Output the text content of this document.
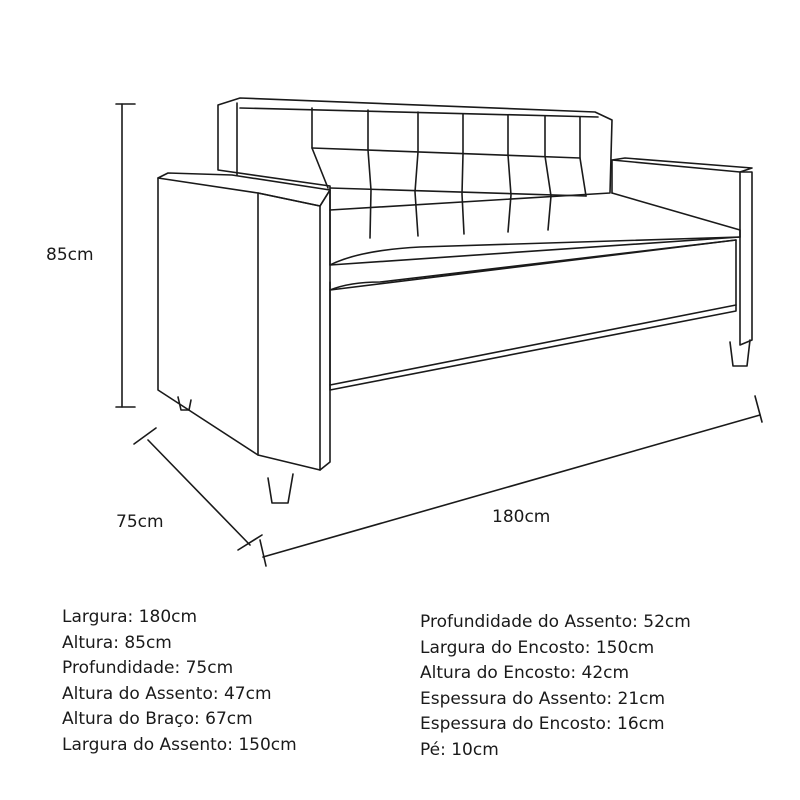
85cm
75cm	180cm
Largura: 180cm
Altura: 85cm
Profundidade: 75cm
Altura do Assento: 47cm
Altura do Braço: 67cm
Largura do Assento: 150cm
Profundidade do Assento: 52cm
Largura do Encosto: 150cm
Altura do Encosto: 42cm
Espessura do Assento: 21cm
Espessura do Encosto: 16cm
Pé: 10cm
